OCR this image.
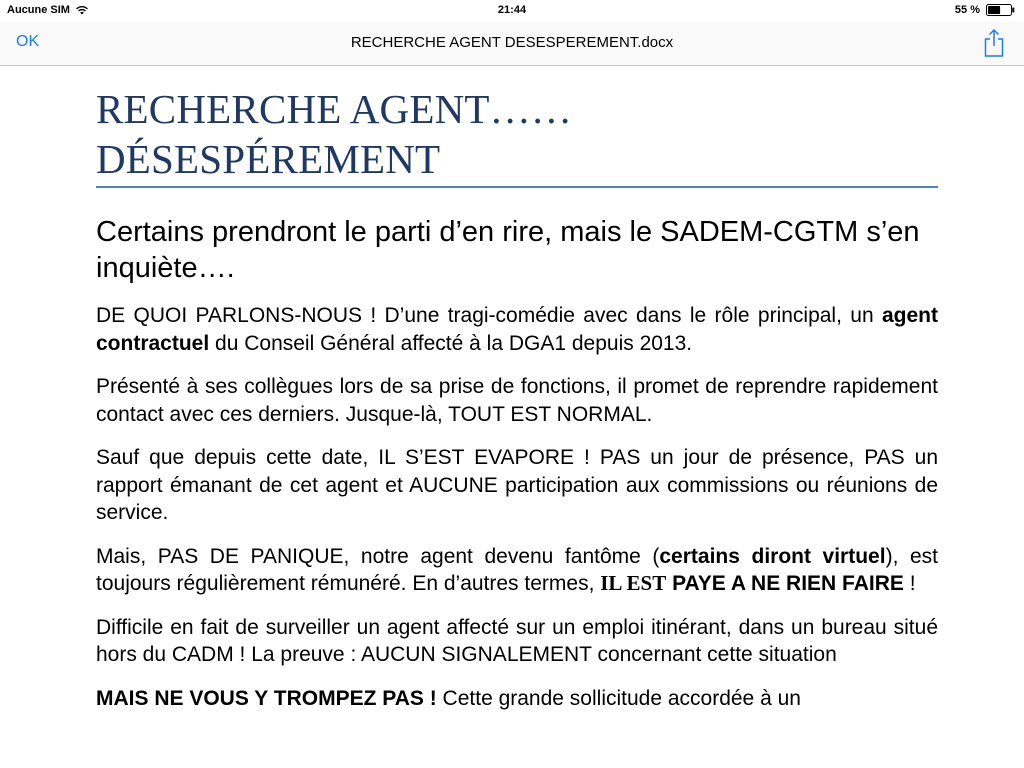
Aucune SIM	21:44	55 %
OK	RECHERCHE AGENT DESESPEREMENT.docx
RECHERCHE AGENT……
DÉSESPÉREMENT
Certains prendront le parti d’en rire, mais le SADEM-CGTM s’en inquiète….

DE QUOI PARLONS-NOUS ! D’une tragi-comédie avec dans le rôle principal, un agent contractuel du Conseil Général affecté à la DGA1 depuis 2013.

Présenté à ses collègues lors de sa prise de fonctions, il promet de reprendre rapidement contact avec ces derniers. Jusque-là, TOUT EST NORMAL.

Sauf que depuis cette date, IL S’EST EVAPORE ! PAS un jour de présence, PAS un rapport émanant de cet agent et AUCUNE participation aux commissions ou réunions de service.

Mais, PAS DE PANIQUE, notre agent devenu fantôme (certains diront virtuel), est toujours régulièrement rémunéré. En d’autres termes, IL EST PAYE A NE RIEN FAIRE !

Difficile en fait de surveiller un agent affecté sur un emploi itinérant, dans un bureau situé hors du CADM ! La preuve : AUCUN SIGNALEMENT concernant cette situation

MAIS NE VOUS Y TROMPEZ PAS ! Cette grande sollicitude accordée à un
